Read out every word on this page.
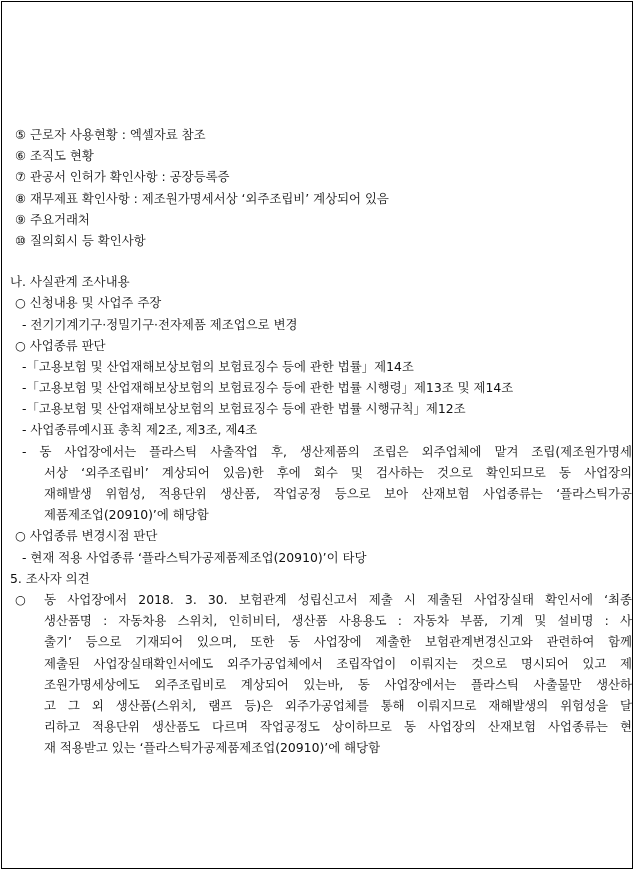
⑤ 근로자 사용현황 : 엑셀자료 참조
⑥ 조직도 현황
⑦ 관공서 인허가 확인사항 : 공장등록증
⑧ 재무제표 확인사항 : 제조원가명세서상 ‘외주조립비’ 계상되어 있음
⑨ 주요거래처
⑩ 질의회시 등 확인사항
나. 사실관계 조사내용
○ 신청내용 및 사업주 주장
- 전기기계기구·정밀기구·전자제품 제조업으로 변경
○ 사업종류 판단
-「고용보험 및 산업재해보상보험의 보험료징수 등에 관한 법률」제14조
-「고용보험 및 산업재해보상보험의 보험료징수 등에 관한 법률 시행령」제13조 및 제14조
-「고용보험 및 산업재해보상보험의 보험료징수 등에 관한 법률 시행규칙」제12조
- 사업종류예시표 총칙 제2조, 제3조, 제4조
- 동 사업장에서는 플라스틱 사출작업 후, 생산제품의 조립은 외주업체에 맡겨 조립(제조원가명세
서상 ‘외주조립비’ 계상되어 있음)한 후에 회수 및 검사하는 것으로 확인되므로 동 사업장의
재해발생 위험성, 적용단위 생산품, 작업공정 등으로 보아 산재보험 사업종류는 ‘플라스틱가공
제품제조업(20910)’에 해당함
○ 사업종류 변경시점 판단
- 현재 적용 사업종류 ‘플라스틱가공제품제조업(20910)’이 타당
5. 조사자 의견
○ 동 사업장에서 2018. 3. 30. 보험관계 성립신고서 제출 시 제출된 사업장실태 확인서에 ‘최종
생산품명 : 자동차용 스위치, 인히비터, 생산품 사용용도 : 자동차 부품, 기계 및 설비명 : 사
출기’ 등으로 기재되어 있으며, 또한 동 사업장에 제출한 보험관계변경신고와 관련하여 함께
제출된 사업장실태확인서에도 외주가공업체에서 조립작업이 이뤄지는 것으로 명시되어 있고 제
조원가명세상에도 외주조립비로 계상되어 있는바, 동 사업장에서는 플라스틱 사출물만 생산하
고 그 외 생산품(스위치, 램프 등)은 외주가공업체를 통해 이뤄지므로 재해발생의 위험성을 달
리하고 적용단위 생산품도 다르며 작업공정도 상이하므로 동 사업장의 산재보험 사업종류는 현
재 적용받고 있는 ‘플라스틱가공제품제조업(20910)’에 해당함
